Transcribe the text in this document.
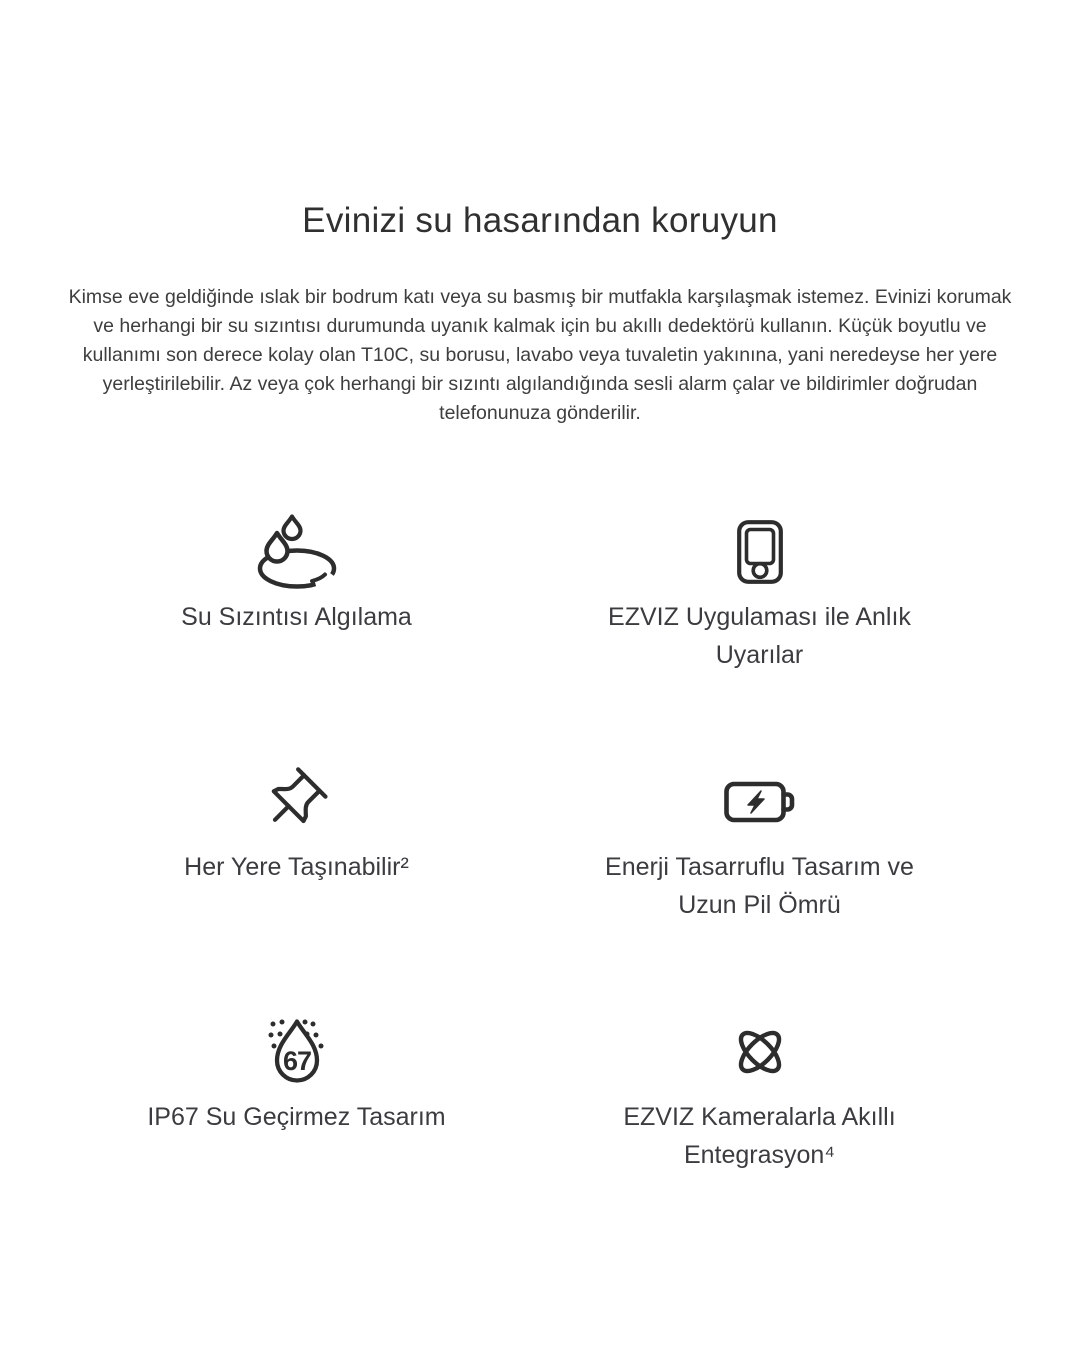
Evinizi su hasarından koruyun

Kimse eve geldiğinde ıslak bir bodrum katı veya su basmış bir mutfakla karşılaşmak istemez. Evinizi korumak ve herhangi bir su sızıntısı durumunda uyanık kalmak için bu akıllı dedektörü kullanın. Küçük boyutlu ve kullanımı son derece kolay olan T10C, su borusu, lavabo veya tuvaletin yakınına, yani neredeyse her yere yerleştirilebilir. Az veya çok herhangi bir sızıntı algılandığında sesli alarm çalar ve bildirimler doğrudan telefonunuza gönderilir.

Su Sızıntısı Algılama	EZVIZ Uygulaması ile Anlık Uyarılar
Her Yere Taşınabilir²	Enerji Tasarruflu Tasarım ve Uzun Pil Ömrü
67
IP67 Su Geçirmez Tasarım	EZVIZ Kameralarla Akıllı Entegrasyon⁴
